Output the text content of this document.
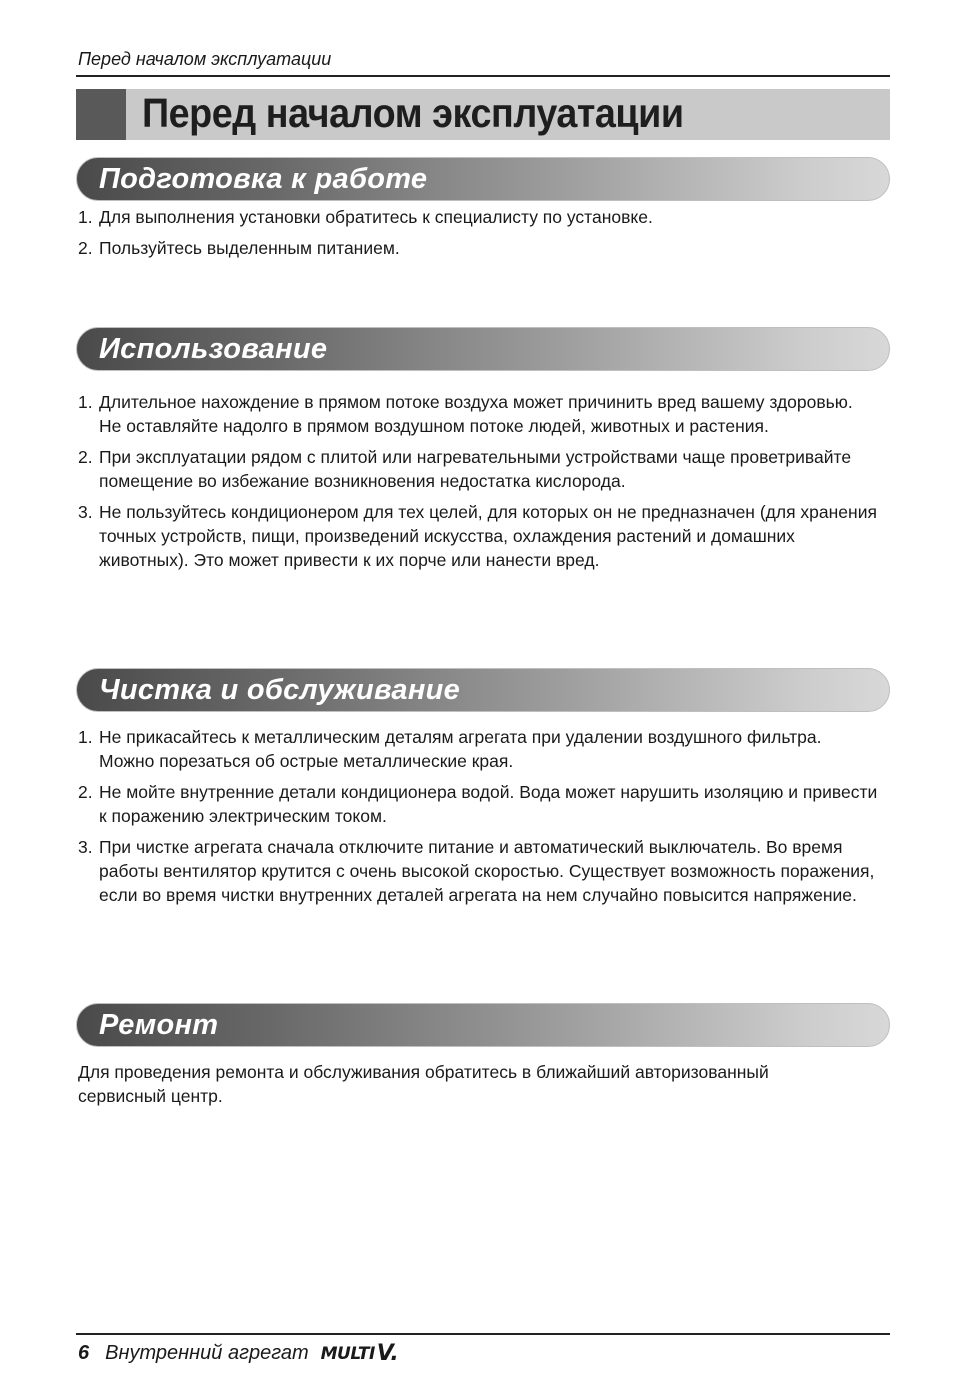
Перед началом эксплуатации
Перед началом эксплуатации
Подготовка к работе
1. Для выполнения установки обратитесь к специалисту по установке.
2. Пользуйтесь выделенным питанием.
Использование
1. Длительное нахождение в прямом потоке воздуха может причинить вред вашему здоровью. Не оставляйте надолго в прямом воздушном потоке людей, животных и растения.
2. При эксплуатации рядом с плитой или нагревательными устройствами чаще проветривайте помещение во избежание возникновения недостатка кислорода.
3. Не пользуйтесь кондиционером для тех целей, для которых он не предназначен (для хранения точных устройств, пищи, произведений искусства, охлаждения растений и домашних животных). Это может привести к их порче или нанести вред.
Чистка и обслуживание
1. Не прикасайтесь к металлическим деталям агрегата при удалении воздушного фильтра. Можно порезаться об острые металлические края.
2. Не мойте внутренние детали кондиционера водой. Вода может нарушить изоляцию и привести к поражению электрическим током.
3. При чистке агрегата сначала отключите питание и автоматический выключатель. Во время работы вентилятор крутится с очень высокой скоростью. Существует возможность поражения, если во время чистки внутренних деталей агрегата на нем случайно повысится напряжение.
Ремонт
Для проведения ремонта и обслуживания обратитесь в ближайший авторизованный сервисный центр.
6 Внутренний агрегат MULTI V.
